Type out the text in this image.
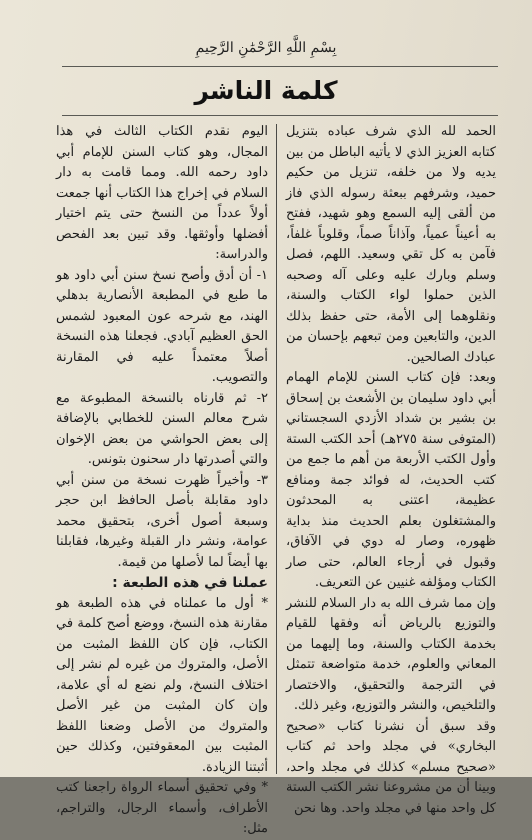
بِسْمِ اللَّهِ الرَّحْمَٰنِ الرَّحِيمِ
كلمة الناشر

الحمد لله الذي شرف عباده بتنزيل كتابه العزيز الذي لا يأتيه الباطل من بين يديه ولا من خلفه، تنزيل من حكيم حميد، وشرفهم ببعثة رسوله الذي فاز من ألقى إليه السمع وهو شهيد، ففتح به أعيناً عمياً، وآذاناً صماً، وقلوباً غلفاً، فآمن به كل تقي وسعيد. اللهم، فصل وسلم وبارك عليه وعلى آله وصحبه الذين حملوا لواء الكتاب والسنة، ونقلوهما إلى الأمة، حتى حفظ بذلك الدين، والتابعين ومن تبعهم بإحسان من عبادك الصالحين.

وبعد: فإن كتاب السنن للإمام الهمام أبي داود سليمان بن الأشعث بن إسحاق بن بشير بن شداد الأزدي السجستاني (المتوفى سنة ٢٧٥هـ) أحد الكتب الستة وأول الكتب الأربعة من أهم ما جمع من كتب الحديث، له فوائد جمة ومنافع عظيمة، اعتنى به المحدثون والمشتغلون بعلم الحديث منذ بداية ظهوره، وصار له دوي في الآفاق، وقبول في أرجاء العالم، حتى صار الكتاب ومؤلفه غنيين عن التعريف.

وإن مما شرف الله به دار السلام للنشر والتوزيع بالرياض أنه وفقها للقيام بخدمة الكتاب والسنة، وما إليهما من المعاني والعلوم، خدمة متواضعة تتمثل في الترجمة والتحقيق، والاختصار والتلخيص، والنشر والتوزيع، وغير ذلك.

وقد سبق أن نشرنا كتاب «صحيح البخاري» في مجلد واحد ثم كتاب «صحيح مسلم» كذلك في مجلد واحد، وبينا أن من مشروعنا نشر الكتب الستة كل واحد منها في مجلد واحد. وها نحن

اليوم نقدم الكتاب الثالث في هذا المجال، وهو كتاب السنن للإمام أبي داود رحمه الله. ومما قامت به دار السلام في إخراج هذا الكتاب أنها جمعت أولاً عدداً من النسخ حتى يتم اختيار أفضلها وأوثقها. وقد تبين بعد الفحص والدراسة:

١- أن أدق وأصح نسخ سنن أبي داود هو ما طبع في المطبعة الأنصارية بدهلي الهند، مع شرحه عون المعبود لشمس الحق العظيم آبادي. فجعلنا هذه النسخة أصلاً معتمداً عليه في المقارنة والتصويب.

٢- ثم قارناه بالنسخة المطبوعة مع شرح معالم السنن للخطابي بالإضافة إلى بعض الحواشي من بعض الإخوان والتي أصدرتها دار سحنون بتونس.

٣- وأخيراً ظهرت نسخة من سنن أبي داود مقابلة بأصل الحافظ ابن حجر وسبعة أصول أخرى، بتحقيق محمد عوامة، ونشر دار القبلة وغيرها، فقابلنا بها أيضاً لما لأصلها من قيمة.

عملنا في هذه الطبعة :

* أول ما عملناه في هذه الطبعة هو مقارنة هذه النسخ، ووضع أصح كلمة في الكتاب، فإن كان اللفظ المثبت من الأصل، والمتروك من غيره لم نشر إلى اختلاف النسخ، ولم نضع له أي علامة، وإن كان المثبت من غير الأصل والمتروك من الأصل وضعنا اللفظ المثبت بين المعقوفتين، وكذلك حين أثبتنا الزيادة.

* وفي تحقيق أسماء الرواة راجعنا كتب الأطراف، وأسماء الرجال، والتراجم، مثل:
